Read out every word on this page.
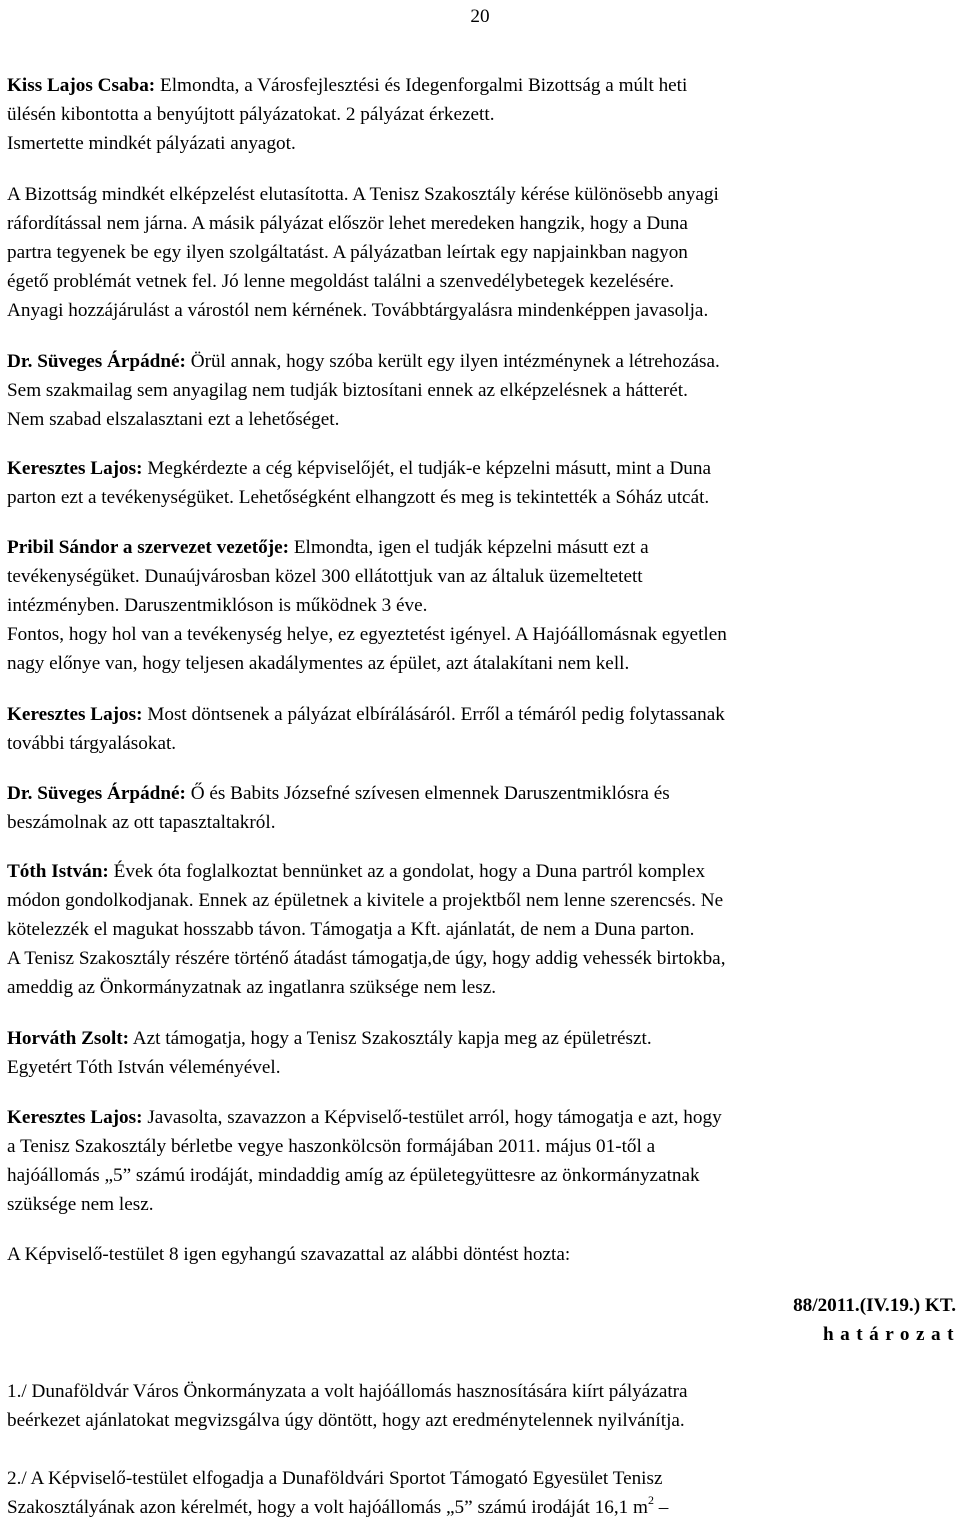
20
Kiss Lajos Csaba: Elmondta, a Városfejlesztési és Idegenforgalmi Bizottság a múlt heti
ülésén kibontotta a benyújtott pályázatokat. 2 pályázat érkezett.
Ismertette mindkét pályázati anyagot.
A Bizottság mindkét elképzelést elutasította. A Tenisz Szakosztály kérése különösebb anyagi
ráfordítással nem járna. A másik pályázat először lehet meredeken hangzik, hogy a Duna
partra tegyenek be egy ilyen szolgáltatást. A pályázatban leírtak egy napjainkban nagyon
égető problémát vetnek fel. Jó lenne megoldást találni a szenvedélybetegek kezelésére.
Anyagi hozzájárulást a várostól nem kérnének. Továbbtárgyalásra mindenképpen javasolja.
Dr. Süveges Árpádné: Örül annak, hogy szóba került egy ilyen intézménynek a létrehozása.
Sem szakmailag sem anyagilag nem tudják biztosítani ennek az elképzelésnek a hátterét.
Nem szabad elszalasztani ezt a lehetőséget.
Keresztes Lajos: Megkérdezte a cég képviselőjét, el tudják-e képzelni másutt, mint a Duna
parton ezt a tevékenységüket. Lehetőségként elhangzott és meg is tekintették a Sóház utcát.
Pribil Sándor a szervezet vezetője: Elmondta, igen el tudják képzelni másutt ezt a
tevékenységüket. Dunaújvárosban közel 300 ellátottjuk van az általuk üzemeltetett
intézményben. Daruszentmiklóson is működnek 3 éve.
Fontos, hogy hol van a tevékenység helye, ez egyeztetést igényel. A Hajóállomásnak egyetlen
nagy előnye van, hogy teljesen akadálymentes az épület, azt átalakítani nem kell.
Keresztes Lajos: Most döntsenek a pályázat elbírálásáról. Erről a témáról pedig folytassanak
további tárgyalásokat.
Dr. Süveges Árpádné: Ő és Babits Józsefné szívesen elmennek Daruszentmiklósra és
beszámolnak az ott tapasztaltakról.
Tóth István: Évek óta foglalkoztat bennünket az a gondolat, hogy a Duna partról komplex
módon gondolkodjanak. Ennek az épületnek a kivitele a projektből nem lenne szerencsés. Ne
kötelezzék el magukat hosszabb távon. Támogatja a Kft. ajánlatát, de nem a Duna parton.
A Tenisz Szakosztály részére történő átadást támogatja,de úgy, hogy addig vehessék birtokba,
ameddig az Önkormányzatnak az ingatlanra szüksége nem lesz.
Horváth Zsolt: Azt támogatja, hogy a Tenisz Szakosztály kapja meg az épületrészt.
Egyetért Tóth István véleményével.
Keresztes Lajos: Javasolta, szavazzon a Képviselő-testület arról, hogy támogatja e azt, hogy
a Tenisz Szakosztály bérletbe vegye haszonkölcsön formájában 2011. május 01-től a
hajóállomás „5” számú irodáját, mindaddig amíg az épületegyüttesre az önkormányzatnak
szüksége nem lesz.
A Képviselő-testület 8 igen egyhangú szavazattal az alábbi döntést hozta:
88/2011.(IV.19.) KT.
határozat
1./ Dunaföldvár Város Önkormányzata a volt hajóállomás hasznosítására kiírt pályázatra
beérkezet ajánlatokat megvizsgálva úgy döntött, hogy azt eredménytelennek nyilvánítja.
2./ A Képviselő-testület elfogadja a Dunaföldvári Sportot Támogató Egyesület Tenisz
Szakosztályának azon kérelmét, hogy a volt hajóállomás „5” számú irodáját 16,1 $m^2$ –
